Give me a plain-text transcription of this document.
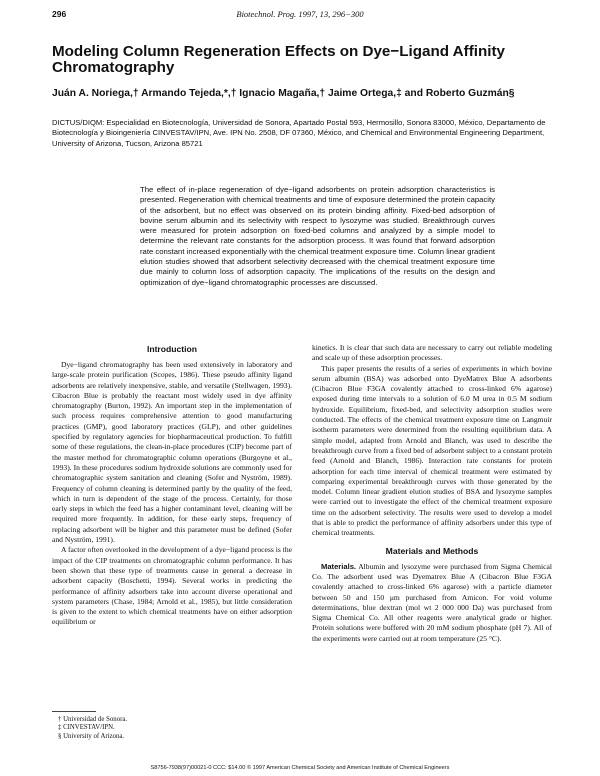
296	Biotechnol. Prog. 1997, 13, 296−300
Modeling Column Regeneration Effects on Dye−Ligand Affinity Chromatography

Juán A. Noriega,† Armando Tejeda,*,† Ignacio Magaña,† Jaime Ortega,‡ and Roberto Guzmán§

DICTUS/DIQM: Especialidad en Biotecnología, Universidad de Sonora, Apartado Postal 593, Hermosillo, Sonora 83000, México, Departamento de Biotecnología y Bioingeniería CINVESTAV/IPN, Ave. IPN No. 2508, DF 07360, México, and Chemical and Environmental Engineering Department, University of Arizona, Tucson, Arizona 85721

The effect of in-place regeneration of dye−ligand adsorbents on protein adsorption characteristics is presented. Regeneration with chemical treatments and time of exposure determined the protein capacity of the adsorbent, but no effect was observed on its protein binding affinity. Fixed-bed adsorption of bovine serum albumin and its selectivity with respect to lysozyme was studied. Breakthrough curves were measured for protein adsorption on fixed-bed columns and analyzed by a simple model to determine the relevant rate constants for the adsorption process. It was found that forward adsorption rate constant increased exponentially with the chemical treatment exposure time. Column linear gradient elution studies showed that adsorbent selectivity decreased with the chemical treatment exposure time due mainly to column loss of adsorption capacity. The implications of the results on the design and optimization of dye−ligand chromatographic processes are discussed.

Introduction

Dye−ligand chromatography has been used extensively in laboratory and large-scale protein purification (Scopes, 1986). These pseudo affinity ligand adsorbents are relatively inexpensive, stable, and versatile (Stellwagen, 1993). Cibacron Blue is probably the reactant most widely used in dye affinity chromatography (Burton, 1992). An important step in the implementation of such process requires comprehensive attention to good manufacturing practices (GMP), good laboratory practices (GLP), and other guidelines specified by regulatory agencies for biopharmaceutical production. To fulfill some of these regulations, the clean-in-place procedures (CIP) become part of the master method for chromatographic column operations (Burgoyne et al., 1993). In these procedures sodium hydroxide solutions are commonly used for chromatographic system sanitation and cleaning (Sofer and Nyström, 1989). Frequency of column cleaning is determined partly by the quality of the feed, which in turn is dependent of the stage of the process. Certainly, for those early steps in which the feed has a higher contaminant level, cleaning will be required more frequently. In addition, for these early steps, frequency of replacing adsorbent will be higher and this parameter must be defined (Sofer and Nyström, 1991).

A factor often overlooked in the development of a dye−ligand process is the impact of the CIP treatments on chromatographic column performance. It has been shown that these type of treatments cause in general a decrease in adsorbent capacity (Boschetti, 1994). Several works in predicting the performance of affinity adsorbers take into account diverse operational and system parameters (Chase, 1984; Arnold et al., 1985), but little consideration is given to the extent to which chemical treatments have on either adsorption equilibrium or

kinetics. It is clear that such data are necessary to carry out reliable modeling and scale up of these adsorption processes.

This paper presents the results of a series of experiments in which bovine serum albumin (BSA) was adsorbed onto DyeMatrex Blue A adsorbents (Cibacron Blue F3GA covalently attached to cross-linked 6% agarose) exposed during time intervals to a solution of 6.0 M urea in 0.5 M sodium hydroxide. Equilibrium, fixed-bed, and selectivity adsorption studies were conducted. The effects of the chemical treatment exposure time on Langmuir isotherm parameters were determined from the resulting equilibrium data. A simple model, adapted from Arnold and Blanch, was used to describe the breakthrough curve from a fixed bed of adsorbent subject to a constant protein feed (Arnold and Blanch, 1986). Interaction rate constants for protein adsorption for each time interval of chemical treatment were estimated by comparing experimental breakthrough curves with those generated by the model. Column linear gradient elution studies of BSA and lysozyme samples were carried out to investigate the effect of the chemical treatment exposure time on the adsorbent selectivity. The results were used to develop a model that is able to predict the performance of affinity adsorbers under this type of chemical treatments.

Materials and Methods

Materials. Albumin and lysozyme were purchased from Sigma Chemical Co. The adsorbent used was Dyematrex Blue A (Cibacron Blue F3GA covalently attached to cross-linked 6% agarose) with a particle diameter between 50 and 150 μm purchased from Amicon. For void volume determinations, blue dextran (mol wt 2 000 000 Da) was purchased from Sigma Chemical Co. All other reagents were analytical grade or higher. Protein solutions were buffered with 20 mM sodium phosphate (pH 7). All of the experiments were carried out at room temperature (25 °C).

† Universidad de Sonora.
‡ CINVESTAV/IPN.
§ University of Arizona.
S8756-7938(97)00021-0 CCC: $14.00 © 1997 American Chemical Society and American Institute of Chemical Engineers
